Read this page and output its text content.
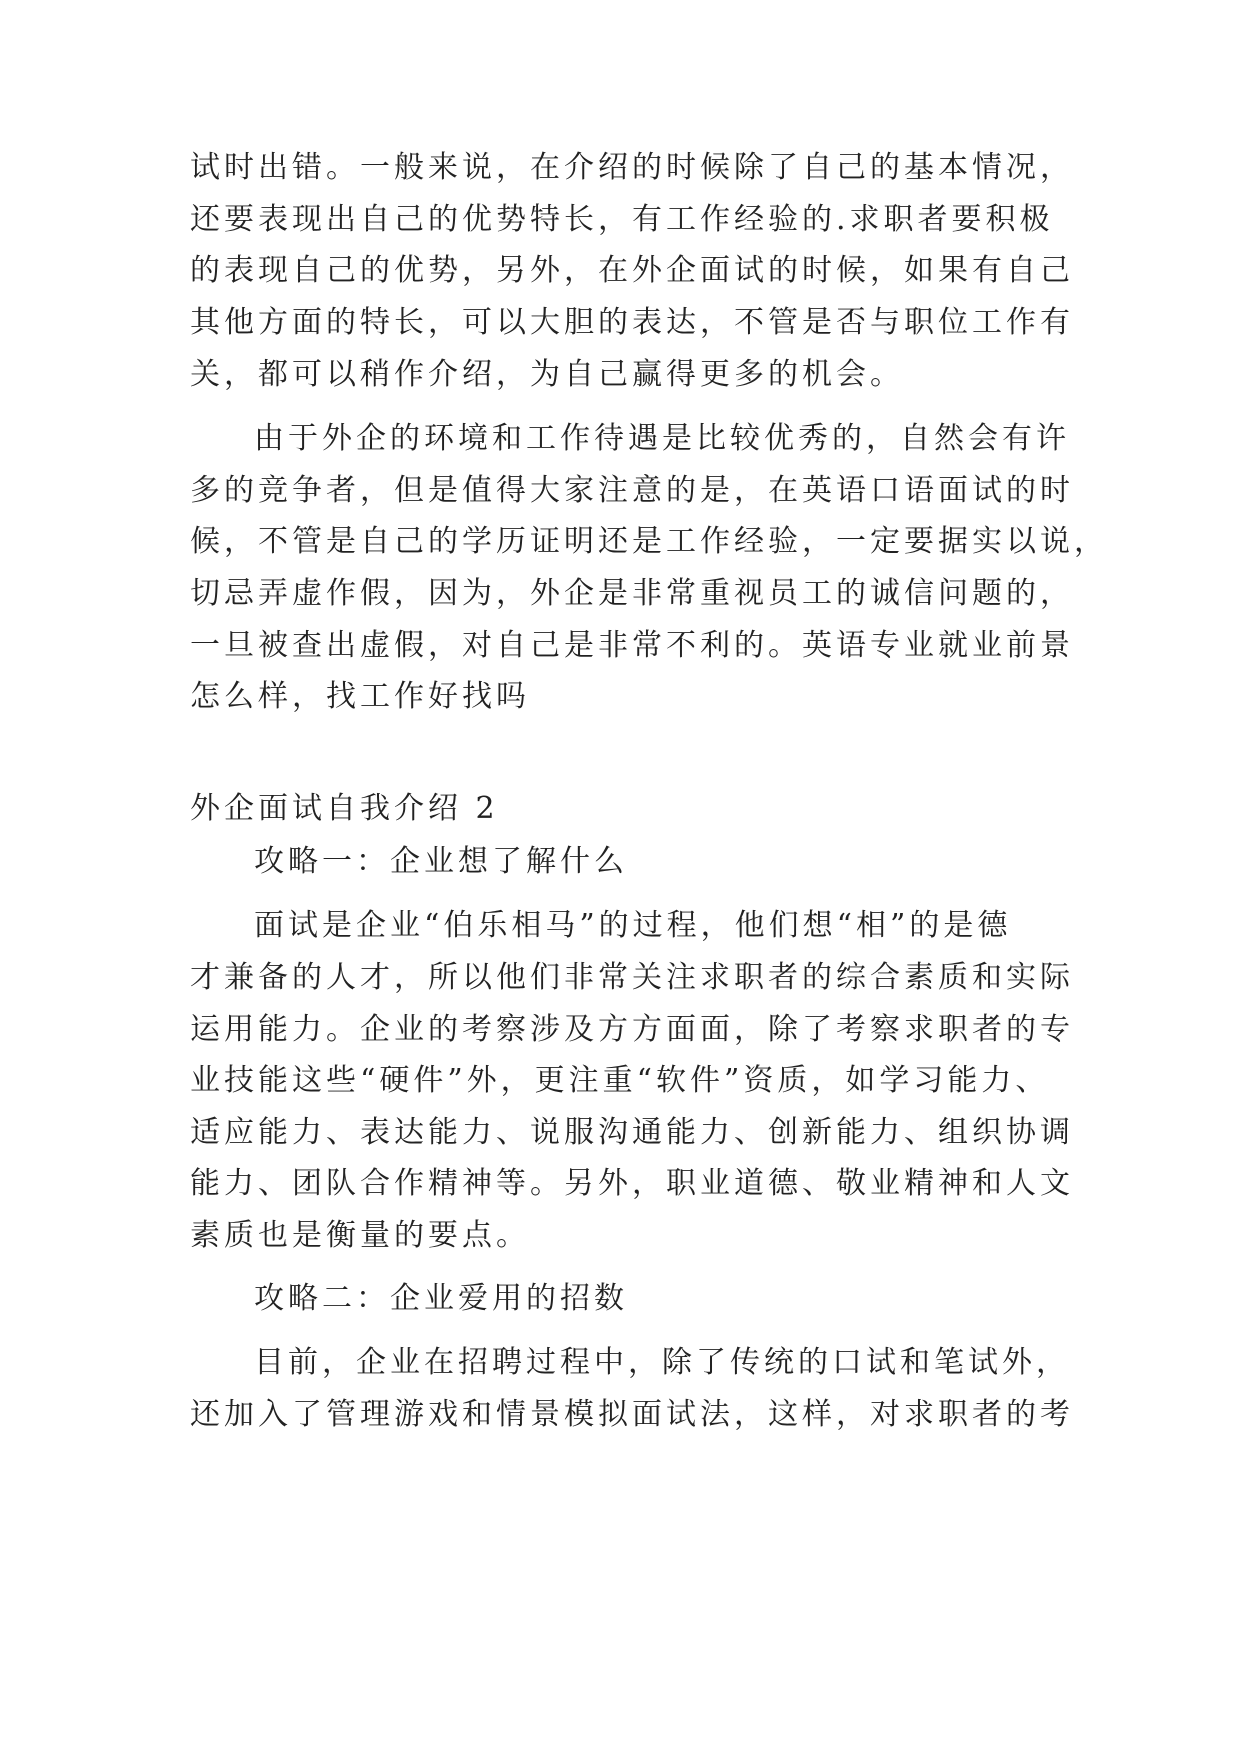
试时出错。一般来说，在介绍的时候除了自己的基本情况，
还要表现出自己的优势特长，有工作经验的.求职者要积极
的表现自己的优势，另外，在外企面试的时候，如果有自己
其他方面的特长，可以大胆的表达，不管是否与职位工作有
关，都可以稍作介绍，为自己赢得更多的机会。
由于外企的环境和工作待遇是比较优秀的，自然会有许
多的竞争者，但是值得大家注意的是，在英语口语面试的时
候，不管是自己的学历证明还是工作经验，一定要据实以说，
切忌弄虚作假，因为，外企是非常重视员工的诚信问题的，
一旦被查出虚假，对自己是非常不利的。英语专业就业前景
怎么样，找工作好找吗
外企面试自我介绍 2
攻略一：企业想了解什么
面试是企业“伯乐相马”的过程，他们想“相”的是德
才兼备的人才，所以他们非常关注求职者的综合素质和实际
运用能力。企业的考察涉及方方面面，除了考察求职者的专
业技能这些“硬件”外，更注重“软件”资质，如学习能力、
适应能力、表达能力、说服沟通能力、创新能力、组织协调
能力、团队合作精神等。另外，职业道德、敬业精神和人文
素质也是衡量的要点。
攻略二：企业爱用的招数
目前，企业在招聘过程中，除了传统的口试和笔试外，
还加入了管理游戏和情景模拟面试法，这样，对求职者的考
